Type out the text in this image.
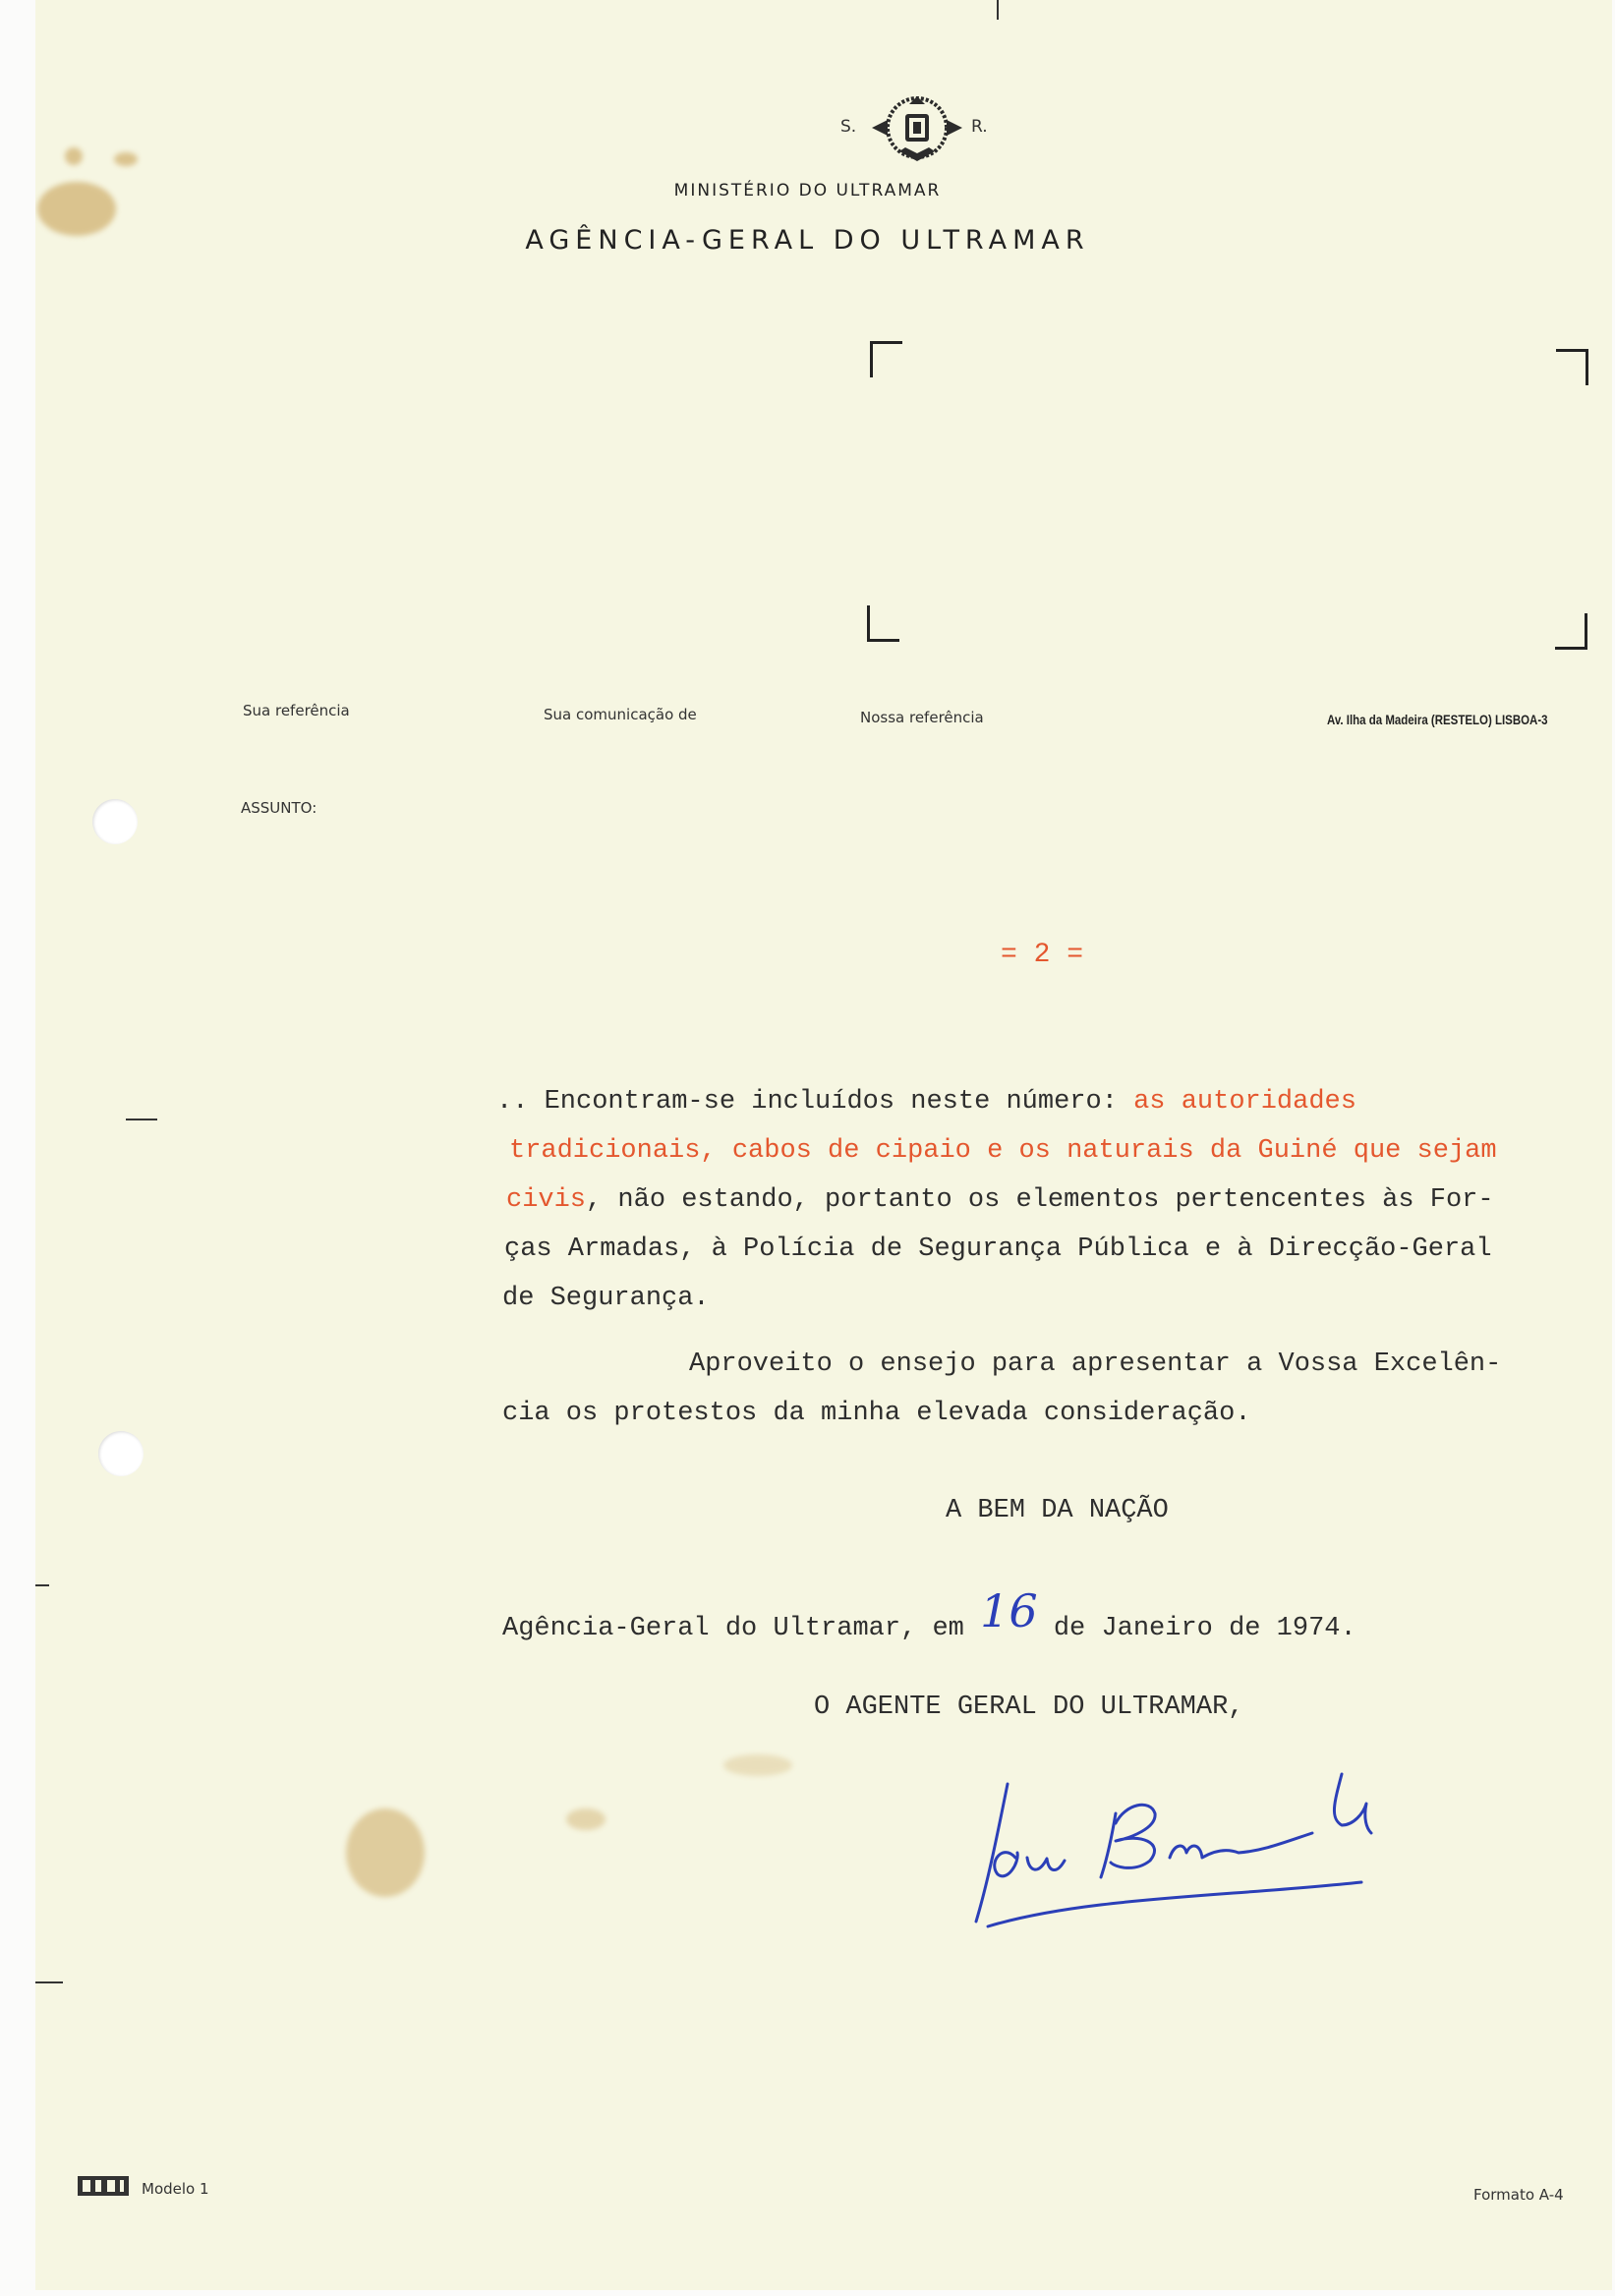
S.	R.
MINISTÉRIO DO ULTRAMAR
AGÊNCIA-GERAL DO ULTRAMAR
Sua referência	Sua comunicação de	Nossa referência	Av. Ilha da Madeira (RESTELO) LISBOA-3
ASSUNTO:
= 2 =
.. Encontram-se incluídos neste número: as autoridades
tradicionais, cabos de cipaio e os naturais da Guiné que sejam
civis, não estando, portanto os elementos pertencentes às For-
ças Armadas, à Polícia de Segurança Pública e à Direcção-Geral
de Segurança.
Aproveito o ensejo para apresentar a Vossa Excelên-
cia os protestos da minha elevada consideração.
A BEM DA NAÇÃO
Agência-Geral do Ultramar, em 16 de Janeiro de 1974.
O AGENTE GERAL DO ULTRAMAR,
Modelo 1	Formato A-4
